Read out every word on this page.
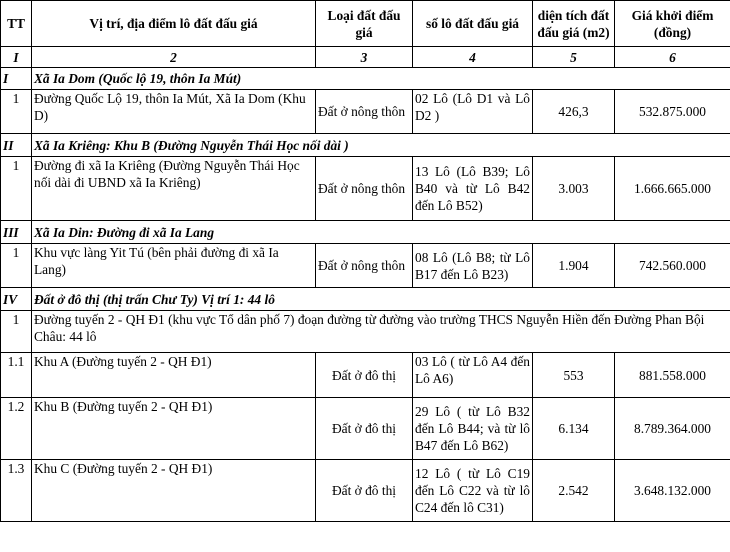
TT	Vị trí, địa điểm lô đất đấu giá	Loại đất đấu giá	số lô đất đấu giá	diện tích đất đấu giá (m2)	Giá khởi điểm (đồng)
I	2	3	4	5	6
I	Xã Ia Dom (Quốc lộ 19, thôn Ia Mút)				
1	Đường Quốc Lộ 19, thôn Ia Mút, Xã Ia Dom (Khu D)	Đất ở nông thôn	02 Lô (Lô D1 và Lô D2 )	426,3	532.875.000
II	Xã Ia Kriêng: Khu B (Đường Nguyễn Thái Học nối dài )				
1	Đường đi xã Ia Kriêng (Đường Nguyễn Thái Học nối dài đi UBND xã Ia Kriêng)	Đất ở nông thôn	13 Lô (Lô B39; Lô B40 và từ Lô B42 đến Lô B52)	3.003	1.666.665.000
III	Xã Ia Din: Đường đi xã Ia Lang				
1	Khu vực làng Yit Tú (bên phải đường đi xã Ia Lang)	Đất ở nông thôn	08 Lô (Lô B8; từ Lô B17 đến Lô B23)	1.904	742.560.000
IV	Đất ở đô thị (thị trấn Chư Ty) Vị trí 1: 44 lô				
1	Đường tuyến 2 - QH Đ1 (khu vực Tổ dân phố 7) đoạn đường từ đường vào trường THCS Nguyễn Hiền đến Đường Phan Bội Châu: 44 lô				
1.1	Khu A (Đường tuyến 2 - QH Đ1)	Đất ở đô thị	03 Lô ( từ Lô A4 đến Lô A6)	553	881.558.000
1.2	Khu B (Đường tuyến 2 - QH Đ1)	Đất ở đô thị	29 Lô ( từ Lô B32 đến Lô B44; và từ lô B47 đến Lô B62)	6.134	8.789.364.000
1.3	Khu C (Đường tuyến 2 - QH Đ1)	Đất ở đô thị	12 Lô ( từ Lô C19 đến Lô C22 và từ lô C24 đến lô C31)	2.542	3.648.132.000
